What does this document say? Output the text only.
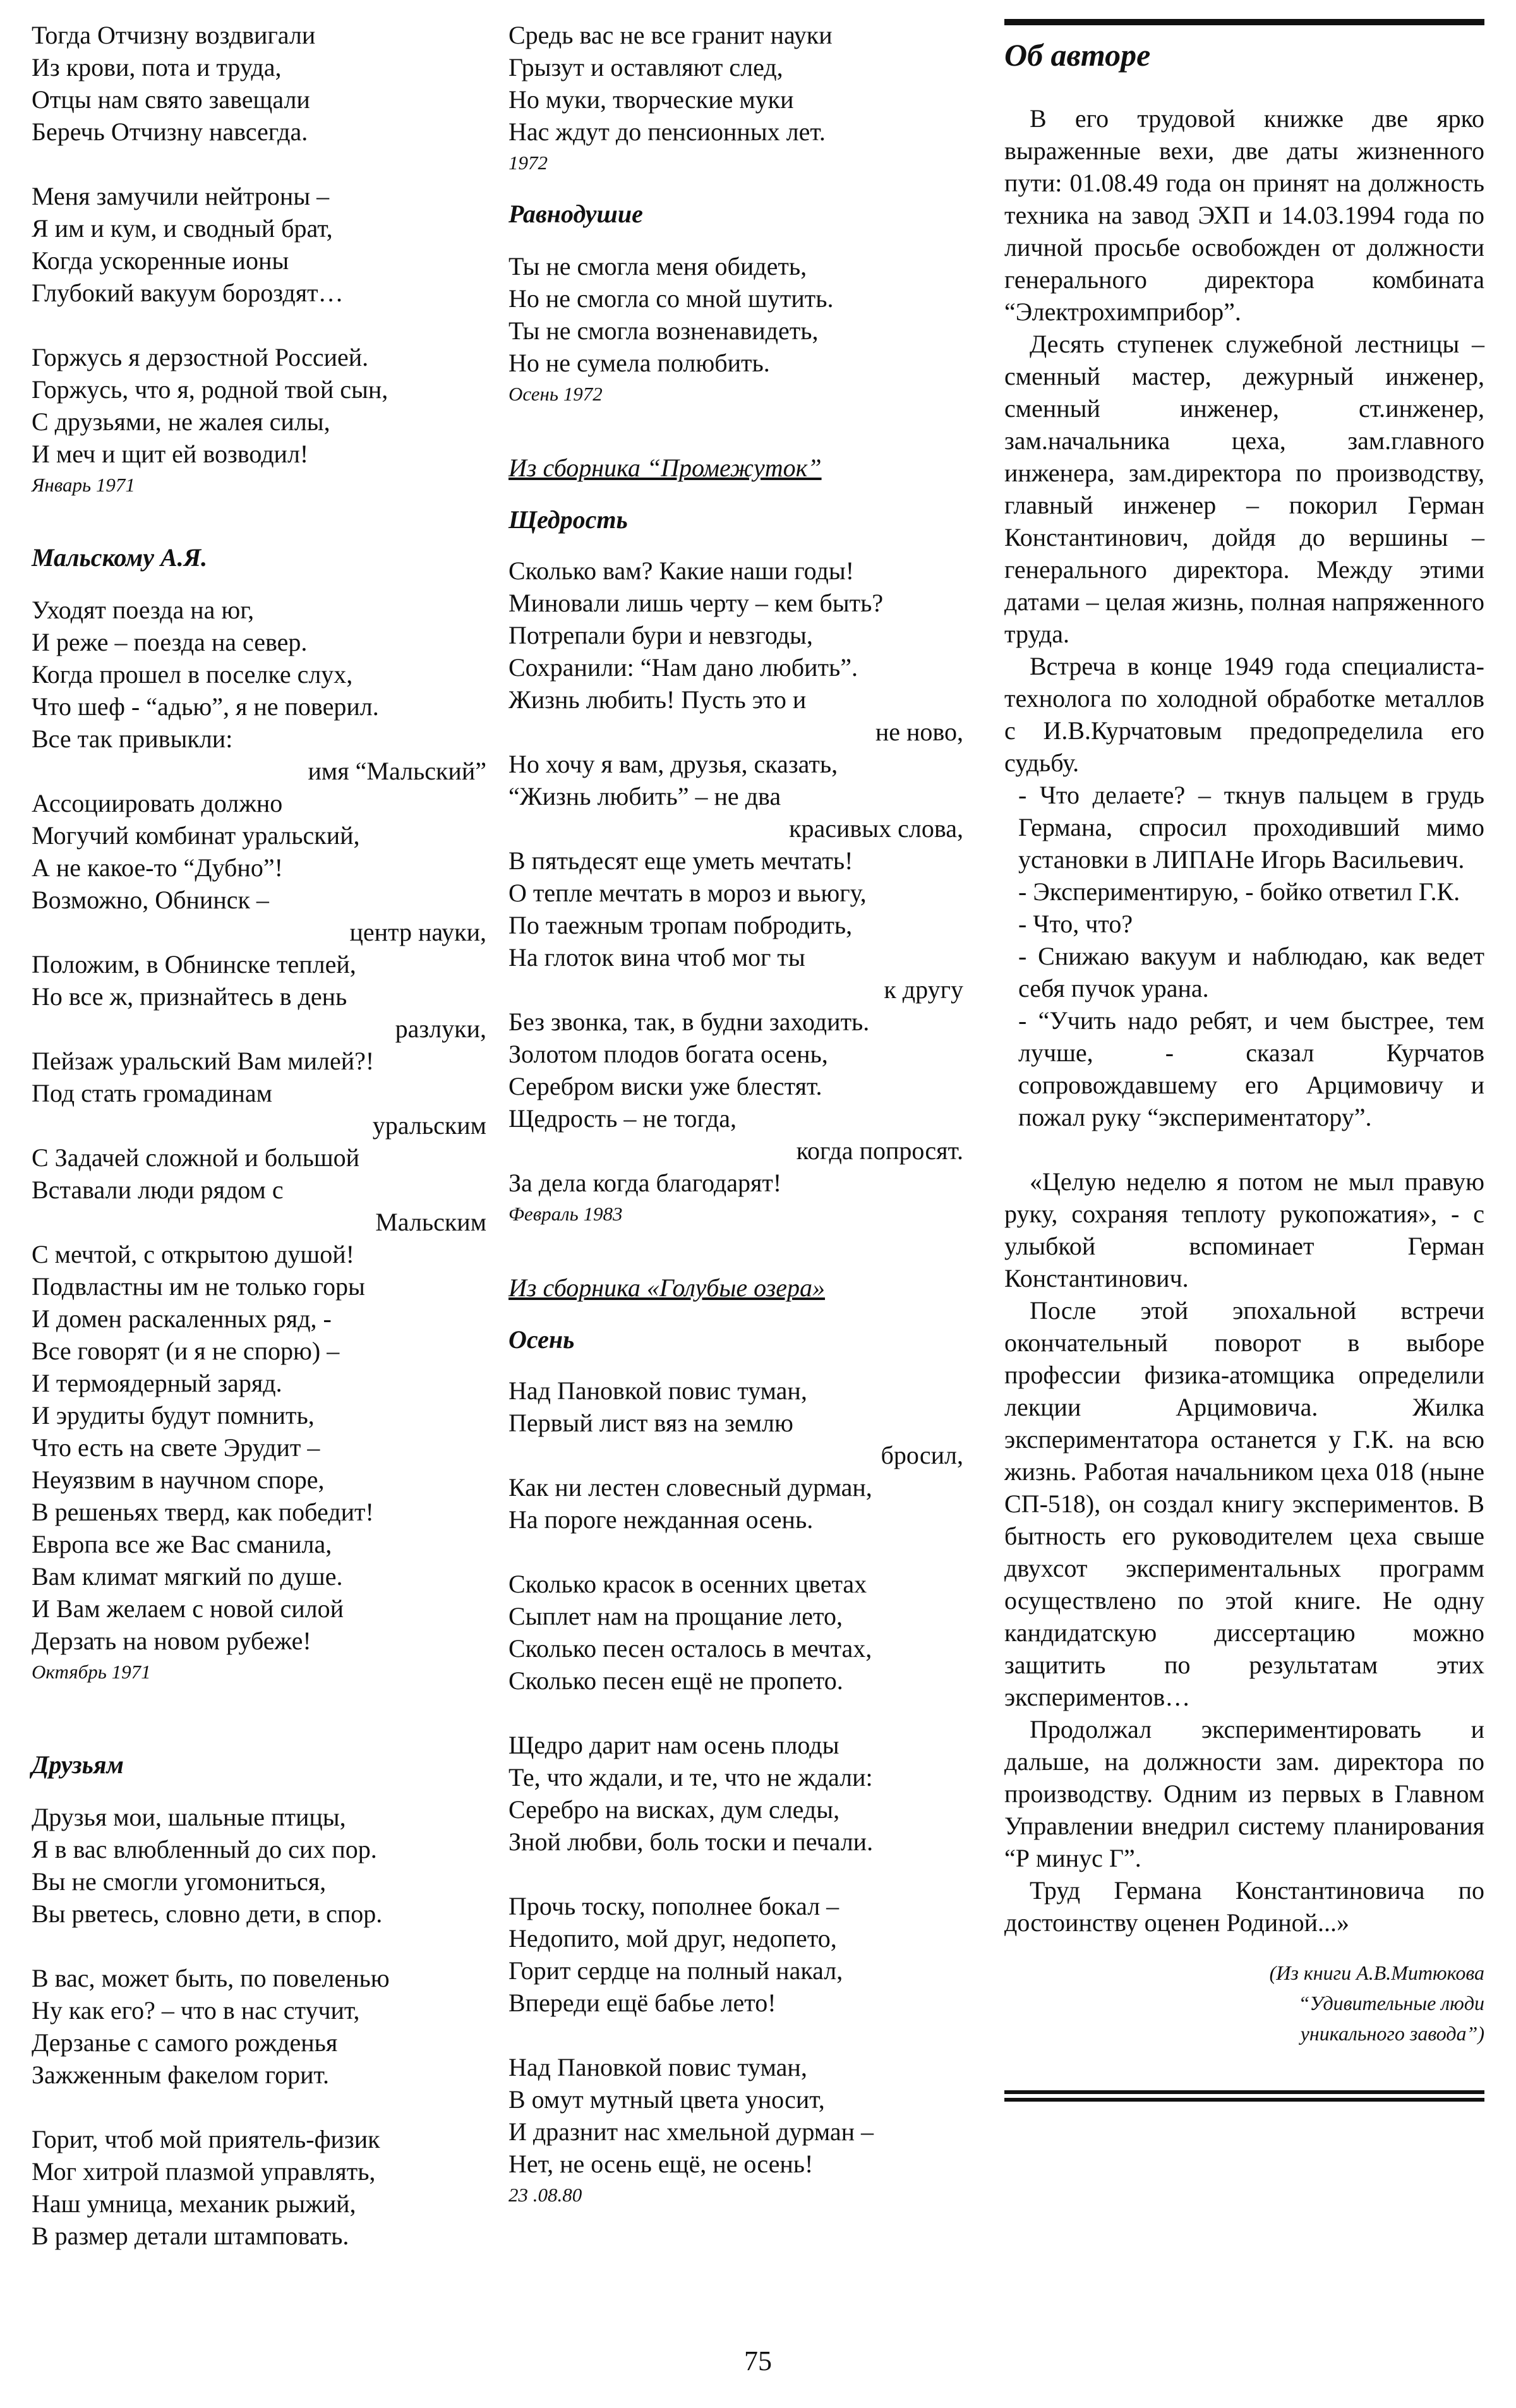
Тогда Отчизну воздвигали
Из крови, пота и труда,
Отцы нам свято завещали
Беречь Отчизну навсегда.
Меня замучили нейтроны –
Я им и кум, и сводный брат,
Когда ускоренные ионы
Глубокий вакуум бороздят…
Горжусь я дерзостной Россией.
Горжусь, что я, родной твой сын,
С друзьями, не жалея силы,
И меч и щит ей возводил!
Январь 1971
Мальскому А.Я.
Уходят поезда на юг,
И реже – поезда на север.
Когда прошел в поселке слух,
Что шеф - “адью”, я не поверил.
Все так привыкли:
имя “Мальский”
Ассоциировать должно
Могучий комбинат уральский,
А не какое-то “Дубно”!
Возможно, Обнинск –
центр науки,
Положим, в Обнинске теплей,
Но все ж, признайтесь в день
разлуки,
Пейзаж уральский Вам милей?!
Под стать громадинам
уральским
С Задачей сложной и большой
Вставали люди рядом с
Мальским
С мечтой, с открытою душой!
Подвластны им не только горы
И домен раскаленных ряд, -
Все говорят (и я не спорю) –
И термоядерный заряд.
И эрудиты будут помнить,
Что есть на свете Эрудит –
Неуязвим в научном споре,
В решеньях тверд, как победит!
Европа все же Вас сманила,
Вам климат мягкий по душе.
И Вам желаем с новой силой
Дерзать на новом рубеже!
Октябрь 1971
Друзьям
Друзья мои, шальные птицы,
Я в вас влюбленный до сих пор.
Вы не смогли угомониться,
Вы рветесь, словно дети, в спор.
В вас, может быть, по повеленью
Ну как его? – что в нас стучит,
Дерзанье с самого рожденья
Зажженным факелом горит.
Горит, чтоб мой приятель-физик
Мог хитрой плазмой управлять,
Наш умница, механик рыжий,
В размер детали штамповать.
Средь вас не все гранит науки
Грызут и оставляют след,
Но муки, творческие муки
Нас ждут до пенсионных лет.
1972
Равнодушие
Ты не смогла меня обидеть,
Но не смогла со мной шутить.
Ты не смогла возненавидеть,
Но не сумела полюбить.
Осень 1972
Из сборника “Промежуток”
Щедрость
Сколько вам? Какие наши годы!
Миновали лишь черту – кем быть?
Потрепали бури и невзгоды,
Сохранили: “Нам дано любить”.
Жизнь любить! Пусть это и
не ново,
Но хочу я вам, друзья, сказать,
“Жизнь любить” – не два
красивых слова,
В пятьдесят еще уметь мечтать!
О тепле мечтать в мороз и вьюгу,
По таежным тропам побродить,
На глоток вина чтоб мог ты
к другу
Без звонка, так, в будни заходить.
Золотом плодов богата осень,
Серебром виски уже блестят.
Щедрость – не тогда,
когда попросят.
За дела когда благодарят!
Февраль 1983
Из сборника «Голубые озера»
Осень
Над Пановкой повис туман,
Первый лист вяз на землю
бросил,
Как ни лестен словесный дурман,
На пороге нежданная осень.
Сколько красок в осенних цветах
Сыплет нам на прощание лето,
Сколько песен осталось в мечтах,
Сколько песен ещё не пропето.
Щедро дарит нам осень плоды
Те, что ждали, и те, что не ждали:
Серебро на висках, дум следы,
Зной любви, боль тоски и печали.
Прочь тоску, пополнее бокал –
Недопито, мой друг, недопето,
Горит сердце на полный накал,
Впереди ещё бабье лето!
Над Пановкой повис туман,
В омут мутный цвета уносит,
И дразнит нас хмельной дурман –
Нет, не осень ещё, не осень!
23 .08.80
Об авторе

В его трудовой книжке две ярко выраженные вехи, две даты жизненного пути: 01.08.49 года он принят на должность техника на завод ЭХП и 14.03.1994 года по личной просьбе освобожден от должности генерального директора комбината “Электрохимприбор”.

Десять ступенек служебной лестницы – сменный мастер, дежурный инженер, сменный инженер, ст.инженер, зам.начальника цеха, зам.главного инженера, зам.директора по производству, главный инженер – покорил Герман Константинович, дойдя до вершины – генерального директора. Между этими датами – целая жизнь, полная напряженного труда.

Встреча в конце 1949 года специалиста-технолога по холодной обработке металлов с И.В.Курчатовым предопределила его судьбу.

- Что делаете? – ткнув пальцем в грудь Германа, спросил проходивший мимо установки в ЛИПАНе Игорь Васильевич.

- Экспериментирую, - бойко ответил Г.К.

- Что, что?

- Снижаю вакуум и наблюдаю, как ведет себя пучок урана.

- “Учить надо ребят, и чем быстрее, тем лучше, - сказал Курчатов сопровождавшему его Арцимовичу и пожал руку “экспериментатору”.

«Целую неделю я потом не мыл правую руку, сохраняя теплоту рукопожатия», - с улыбкой вспоминает Герман Константинович.

После этой эпохальной встречи окончательный поворот в выборе профессии физика-атомщика определили лекции Арцимовича. Жилка экспериментатора останется у Г.К. на всю жизнь. Работая начальником цеха 018 (ныне СП-518), он создал книгу экспериментов. В бытность его руководителем цеха свыше двухсот экспериментальных программ осуществлено по этой книге. Не одну кандидатскую диссертацию можно защитить по результатам этих экспериментов…

Продолжал экспериментировать и дальше, на должности зам. директора по производству. Одним из первых в Главном Управлении внедрил систему планирования “Р минус Г”.

Труд Германа Константиновича по достоинству оценен Родиной...»

(Из книги А.В.Митюкова
“Удивительные люди
уникального завода”)
75
